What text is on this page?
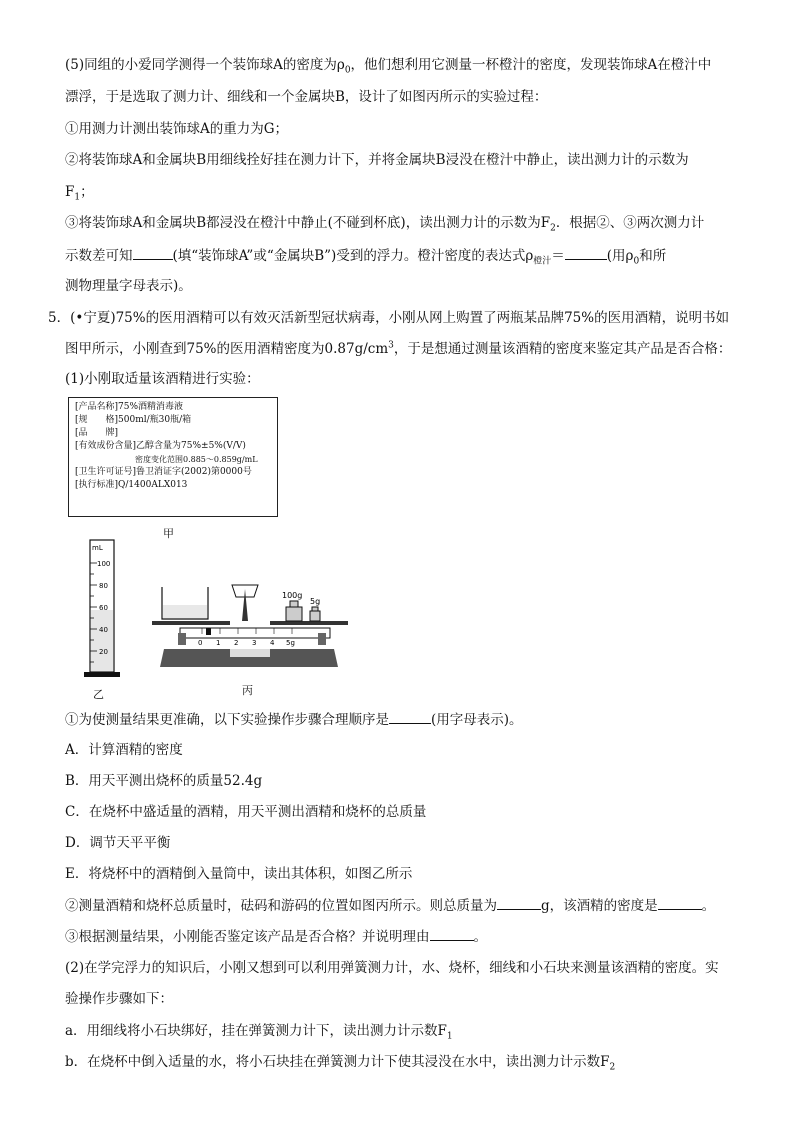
(5)同组的小爱同学测得一个装饰球A的密度为$\rho_0$，他们想利用它测量一杯橙汁的密度，发现装饰球A在橙汁中
漂浮，于是选取了测力计、细线和一个金属块B，设计了如图丙所示的实验过程：
①用测力计测出装饰球A的重力为G；
②将装饰球A和金属块B用细线拴好挂在测力计下，并将金属块B浸没在橙汁中静止，读出测力计的示数为
$F_1$；
③将装饰球A和金属块B都浸没在橙汁中静止(不碰到杯底)，读出测力计的示数为$F_2$．根据②、③两次测力计
示数差可知	(填“装饰球A”或“金属块B”)受到的浮力。橙汁密度的表达式$\rho_{橙汁}=$	(用$\rho_0$和所
测物理量字母表示)。
5．(•宁夏)75%的医用酒精可以有效灭活新型冠状病毒，小刚从网上购置了两瓶某品牌75%的医用酒精，说明书如
图甲所示，小刚查到75%的医用酒精密度为$0.87g/cm^3$，于是想通过测量该酒精的密度来鉴定其产品是否合格：
(1)小刚取适量该酒精进行实验：
[产品名称]75%酒精消毒液
[规　　格]500ml/瓶30瓶/箱
[品　　牌]
[有效成份含量]乙醇含量为75%±5%(V/V)
密度变化范围0.885～0.859g/mL
[卫生许可证号]鲁卫消证字(2002)第0000号
[执行标准]Q/1400ALX013
甲
mL
100
80
60
40
20
乙
0 1 2 3 4 5g
100g
5g
丙
①为使测量结果更准确，以下实验操作步骤合理顺序是	(用字母表示)。
A．计算酒精的密度
B．用天平测出烧杯的质量52.4g
C．在烧杯中盛适量的酒精，用天平测出酒精和烧杯的总质量
D．调节天平平衡
E．将烧杯中的酒精倒入量筒中，读出其体积，如图乙所示
②测量酒精和烧杯总质量时，砝码和游码的位置如图丙所示。则总质量为	g，该酒精的密度是	。
③根据测量结果，小刚能否鉴定该产品是否合格？并说明理由	。
(2)在学完浮力的知识后，小刚又想到可以利用弹簧测力计，水、烧杯，细线和小石块来测量该酒精的密度。实
验操作步骤如下：
a．用细线将小石块绑好，挂在弹簧测力计下，读出测力计示数$F_1$
b．在烧杯中倒入适量的水，将小石块挂在弹簧测力计下使其浸没在水中，读出测力计示数$F_2$
